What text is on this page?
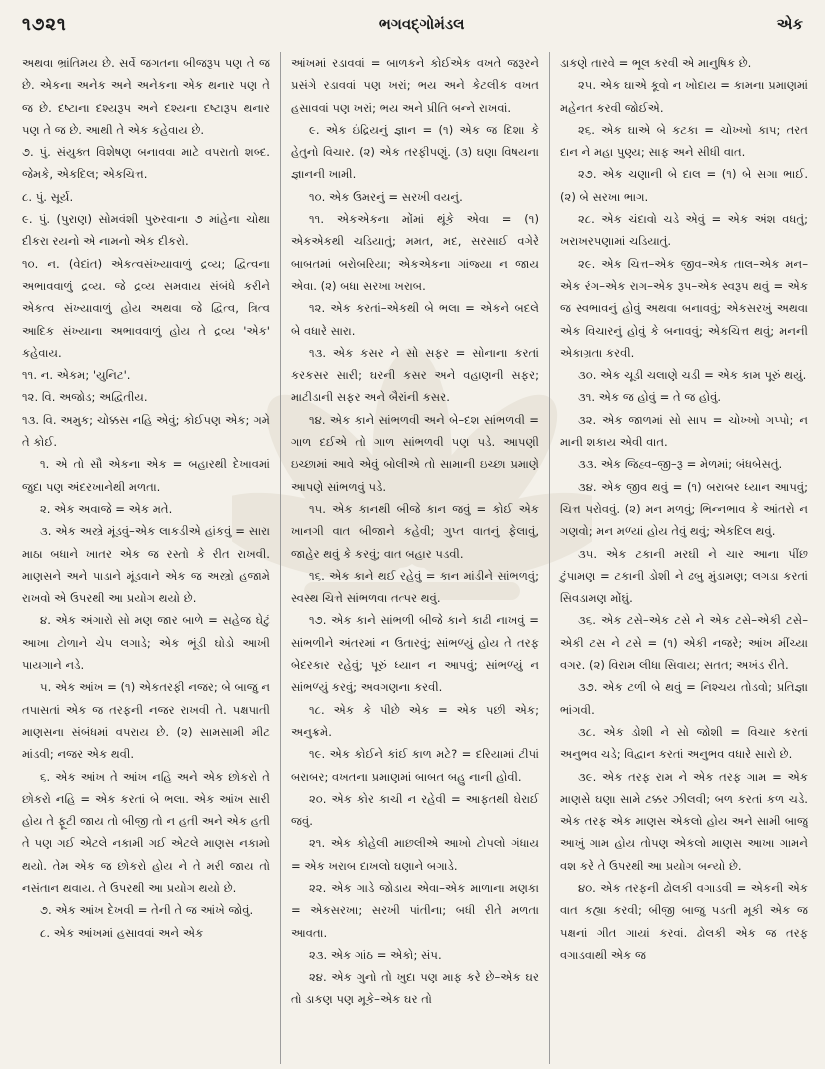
૧૭૨૧	ભગવદ્ગોમંડલ	એક

અથવા ભ્રાંતિમય છે. સર્વે જગતના બીજરૂપ પણ તે જ છે. એકના અનેક અને અનેકના એક થનાર પણ તે જ છે. દષ્ટાના દશ્યરૂપ અને દશ્યના દષ્ટારૂપ થનાર પણ તે જ છે. આથી તે એક કહેવાય છે.

૭. પું. સંયુક્ત વિશેષણ બનાવવા માટે વપરાતો શબ્દ. જેમકે, એકદિલ; એકચિત્ત.

૮. પું. સૂર્ય.

૯. પું. (પુરાણ) સોમવંશી પુરુરવાના ૭ માંહેના ચોથા દીકરા રયનો એ નામનો એક દીકરો.

૧૦. ન. (વેદાંત) એકત્વસંખ્યાવાળું દ્રવ્ય; દ્વિત્વના અભાવવાળું દ્રવ્ય. જે દ્રવ્ય સમવાય સંબંધે કરીને એકત્વ સંખ્યાવાળું હોય અથવા જે દ્વિત્વ, ત્રિત્વ આદિક સંખ્યાના અભાવવાળું હોય તે દ્રવ્ય 'એક' કહેવાય.

૧૧. ન. એકમ; 'યુનિટ'.

૧૨. વિ. અજોડ; અદ્વિતીય.

૧૩. વિ. અમુક; ચોક્કસ નહિ એવું; કોઈપણ એક; ગમે તે કોઈ.

૧. એ તો સૌ એકના એક = બહારથી દેખાવમાં જુદા પણ અંદરખાનેથી મળતા.

૨. એક અવાજે = એક મતે.

૩. એક અસ્ત્રે મૂંડવું–એક લાકડીએ હાંકવું = સારા માઠા બધાને ખાતર એક જ રસ્તો કે રીત રાખવી. માણસને અને પાડાને મૂંડવાને એક જ અસ્ત્રો હજામે રાખવો એ ઉપરથી આ પ્રયોગ થયો છે.

૪. એક અંગારો સો મણ જાર બાળે = સહેજ ઘેટું આખા ટોળાને ચેપ લગાડે; એક ભૂંડી ઘોડો આખી પાયગાને નડે.

૫. એક આંખ = (૧) એકતરફી નજર; બે બાજુ ન તપાસતાં એક જ તરફની નજર રાખવી તે. પક્ષપાતી માણસના સંબંધમાં વપરાય છે. (૨) સામસામી મીટ માંડવી; નજર એક થવી.

૬. એક આંખ તે આંખ નહિ અને એક છોકરો તે છોકરો નહિ = એક કરતાં બે ભલા. એક આંખ સારી હોય તે ફૂટી જાય તો બીજી તો ન હતી અને એક હતી તે પણ ગઈ એટલે નકામી ગઈ એટલે માણસ નકામો થયો. તેમ એક જ છોકરો હોય ને તે મરી જાય તો નસંતાન થવાય. તે ઉપરથી આ પ્રયોગ થયો છે.

૭. એક આંખ દેખવી = તેની તે જ આંખે જોવું.

૮. એક આંખમાં હસાવવાં અને એક

આંખમાં રડાવવાં = બાળકને કોઈએક વખતે જરૂરને પ્રસંગે રડાવવાં પણ ખરાં; ભય અને કેટલીક વખત હસાવવાં પણ ખરાં; ભય અને પ્રીતિ બન્ને રાખવાં.

૯. એક ઇંદ્રિયનું જ્ઞાન = (૧) એક જ દિશા કે હેતુનો વિચાર. (૨) એક તરફીપણું. (૩) ઘણા વિષયના જ્ઞાનની ખામી.

૧૦. એક ઉમરનું = સરખી વયનું.

૧૧. એકએકના મોંમાં થૂંકે એવા = (૧) એકએકથી ચડિયાતું; મમત, મદ, સરસાઈ વગેરે બાબતમાં બરોબરિયા; એકએકના ગાંજ્યા ન જાય એવા. (૨) બધા સરખા ખરાબ.

૧૨. એક કરતાં–એકથી બે ભલા = એકને બદલે બે વધારે સારા.

૧૩. એક કસર ને સો સફર = સોનાના કરતાં કરકસર સારી; ઘરની કસર અને વહાણની સફર; માટીડાની સફર અને બૈરાંની કસર.

૧૪. એક કાને સાંભળવી અને બે–દશ સાંભળવી = ગાળ દઈએ તો ગાળ સાંભળવી પણ પડે. આપણી ઇચ્છામાં આવે એવું બોલીએ તો સામાની ઇચ્છા પ્રમાણે આપણે સાંભળવું પડે.

૧૫. એક કાનથી બીજે કાન જવું = કોઈ એક ખાનગી વાત બીજાને કહેવી; ગુપ્ત વાતનું ફેલાવું, જાહેર થવું કે કરવું; વાત બહાર પડવી.

૧૬. એક કાને થઈ રહેવું = કાન માંડીને સાંભળવું; સ્વસ્થ ચિત્તે સાંભળવા તત્પર થવું.

૧૭. એક કાને સાંભળી બીજે કાને કાઢી નાખવું = સાંભળીને અંતરમાં ન ઉતારવું; સાંભળ્યું હોય તે તરફ બેદરકાર રહેવું; પૂરું ધ્યાન ન આપવું; સાંભળ્યું ન સાંભળ્યું કરવું; અવગણના કરવી.

૧૮. એક કે પીછે એક = એક પછી એક; અનુક્રમે.

૧૯. એક કોઈને કાંઈ કાળ મટે? = દરિયામાં ટીપાં બરાબર; વખતના પ્રમાણમાં બાબત બહુ નાની હોવી.

૨૦. એક કોર કાચી ન રહેવી = આફતથી ઘેરાઈ જવું.

૨૧. એક કોહેલી માછલીએ આખો ટોપલો ગંધાય = એક ખરાબ દાખલો ઘણાને બગાડે.

૨૨. એક ગાડે જોડાય એવા–એક માળાના મણકા = એકસરખા; સરખી પાંતીના; બધી રીતે મળતા આવતા.

૨૩. એક ગાંઠ = એકો; સંપ.

૨૪. એક ગુનો તો ખુદા પણ માફ કરે છે–એક ઘર તો ડાકણ પણ મૂકે–એક ઘર તો

ડાકણે તારવે = ભૂલ કરવી એ માનુષિક છે.

૨૫. એક ઘાએ કૂવો ન ખોદાય = કામના પ્રમાણમાં મહેનત કરવી જોઈએ.

૨૬. એક ઘાએ બે કટકા = ચોખ્ખો કાપ; તરત દાન ને મહા પુણ્ય; સાફ અને સીધી વાત.

૨૭. એક ચણાની બે દાલ = (૧) બે સગા ભાઈ. (૨) બે સરખા ભાગ.

૨૮. એક ચંદાવો ચડે એવું = એક અંશ વધતું; ખરાખરપણામાં ચડિયાતું.

૨૯. એક ચિત્ત–એક જીવ–એક તાલ–એક મન–એક રંગ–એક રાગ–એક રૂપ–એક સ્વરૂપ થવું = એક જ સ્વભાવનું હોવું અથવા બનાવવું; એકસરખું અથવા એક વિચારનું હોવું કે બનાવવું; એકચિત્ત થવું; મનની એકાગ્રતા કરવી.

૩૦. એક ચૂડી ચલાણે ચડી = એક કામ પૂરું થયું.

૩૧. એક જ હોવું = તે જ હોવું.

૩૨. એક જાળમાં સો સાપ = ચોખ્ખો ગપ્પો; ન માની શકાય એવી વાત.

૩૩. એક જિહ્વ–જી–રૂ = મેળમાં; બંધબેસતું.

૩૪. એક જીવ થવું = (૧) બરાબર ધ્યાન આપવું; ચિત્ત પરોવવું. (૨) મન મળવું; ભિન્નભાવ કે આંતરો ન ગણવો; મન મળ્યાં હોય તેવું થવું; એકદિલ થવું.

૩૫. એક ટકાની મરઘી ને ચાર આના પીંછ ટુંપામણ = ટકાની ડોશી ને ઢબુ મુંડામણ; લગડા કરતાં સિવડામણ મોંઘું.

૩૬. એક ટસે–એક ટસે ને એક ટસે–એકી ટસે–એકી ટસ ને ટસે = (૧) એકી નજરે; આંખ મીંચ્યા વગર. (૨) વિરામ લીધા સિવાય; સતત; અખંડ રીતે.

૩૭. એક ટળી બે થવું = નિશ્ચય તોડવો; પ્રતિજ્ઞા ભાંગવી.

૩૮. એક ડોશી ને સો જોશી = વિચાર કરતાં અનુભવ ચડે; વિદ્વાન કરતાં અનુભવ વધારે સારો છે.

૩૯. એક તરફ રામ ને એક તરફ ગામ = એક માણસે ઘણા સામે ટક્કર ઝીલવી; બળ કરતાં કળ ચડે. એક તરફ એક માણસ એકલો હોય અને સામી બાજુ આખું ગામ હોય તોપણ એકલો માણસ આખા ગામને વશ કરે તે ઉપરથી આ પ્રયોગ બન્યો છે.

૪૦. એક તરફની ઢોલકી વગાડવી = એકની એક વાત કહ્યા કરવી; બીજી બાજુ પડતી મૂકી એક જ પક્ષનાં ગીત ગાયાં કરવાં. ઢોલકી એક જ તરફ વગાડવાથી એક જ
